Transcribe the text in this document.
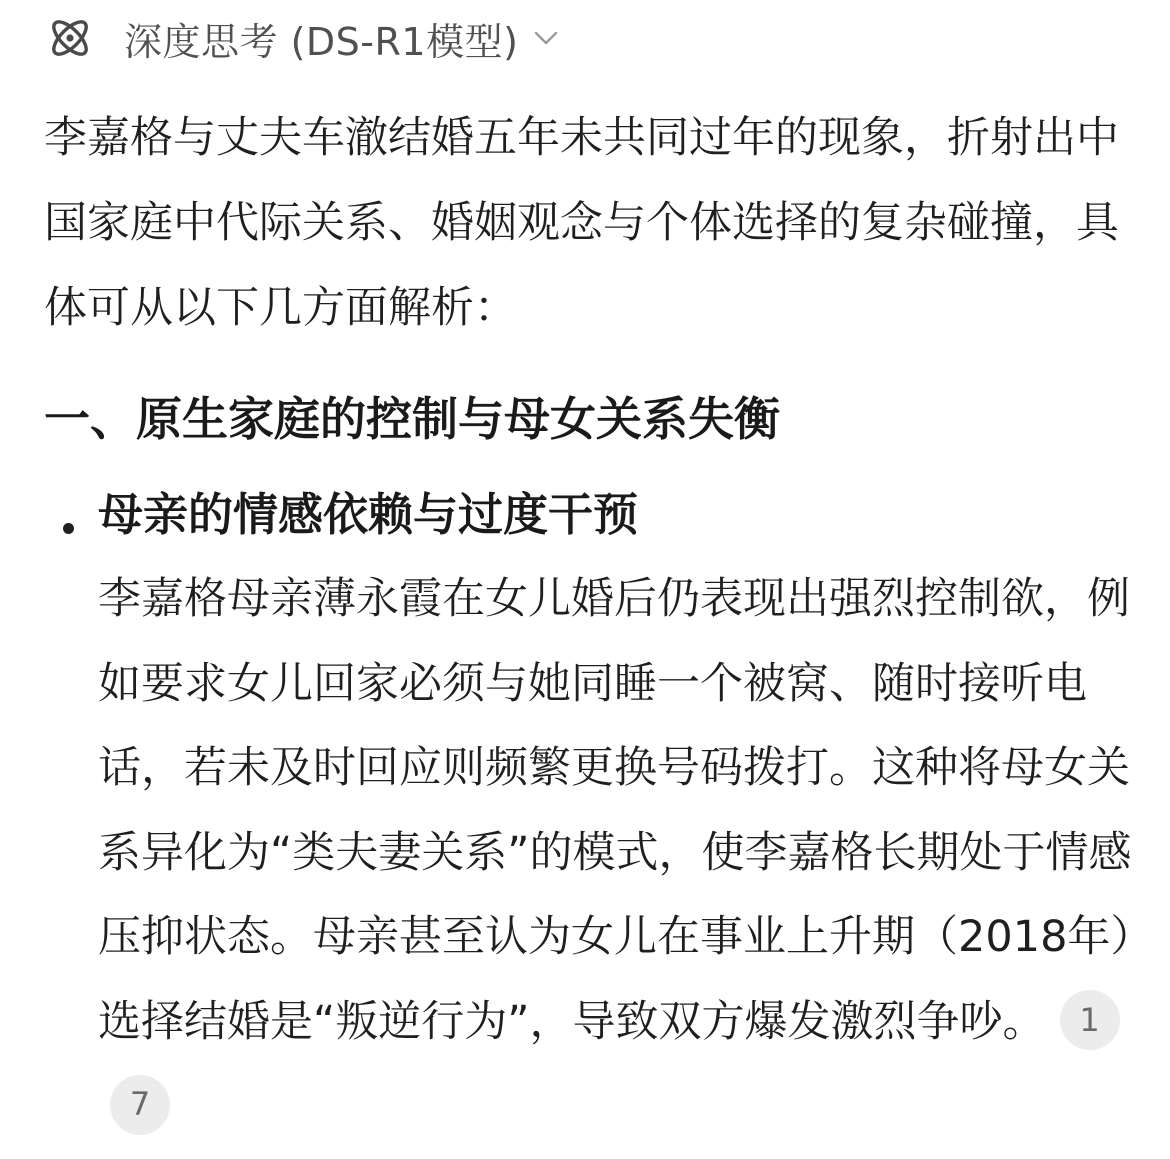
深度思考 (DS-R1模型)

李嘉格与丈夫车澈结婚五年未共同过年的现象，折射出中国家庭中代际关系、婚姻观念与个体选择的复杂碰撞，具体可从以下几方面解析：

一、原生家庭的控制与母女关系失衡
母亲的情感依赖与过度干预
李嘉格母亲薄永霞在女儿婚后仍表现出强烈控制欲，例如要求女儿回家必须与她同睡一个被窝、随时接听电话，若未及时回应则频繁更换号码拨打。这种将母女关系异化为“类夫妻关系”的模式，使李嘉格长期处于情感压抑状态。母亲甚至认为女儿在事业上升期（2018年）选择结婚是“叛逆行为”，导致双方爆发激烈争吵。 17
